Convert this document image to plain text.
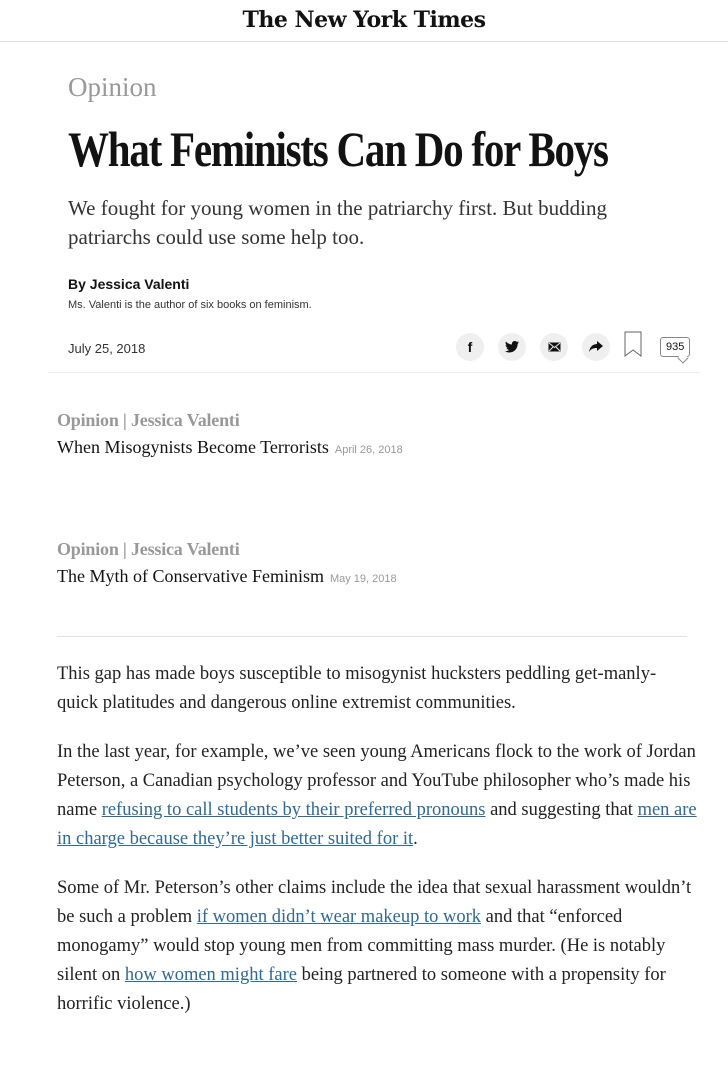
The New York Times
Opinion
What Feminists Can Do for Boys

We fought for young women in the patriarchy first. But budding patriarchs could use some help too.

By Jessica Valenti
Ms. Valenti is the author of six books on feminism.
July 25, 2018	f	935
Opinion | Jessica Valenti
When Misogynists Become Terrorists April 26, 2018
Opinion | Jessica Valenti
The Myth of Conservative Feminism May 19, 2018

This gap has made boys susceptible to misogynist hucksters peddling get-manly-quick platitudes and dangerous online extremist communities.

In the last year, for example, we’ve seen young Americans flock to the work of Jordan Peterson, a Canadian psychology professor and YouTube philosopher who’s made his name refusing to call students by their preferred pronouns and suggesting that men are in charge because they’re just better suited for it.

Some of Mr. Peterson’s other claims include the idea that sexual harassment wouldn’t be such a problem if women didn’t wear makeup to work and that “enforced monogamy” would stop young men from committing mass murder. (He is notably silent on how women might fare being partnered to someone with a propensity for horrific violence.)
